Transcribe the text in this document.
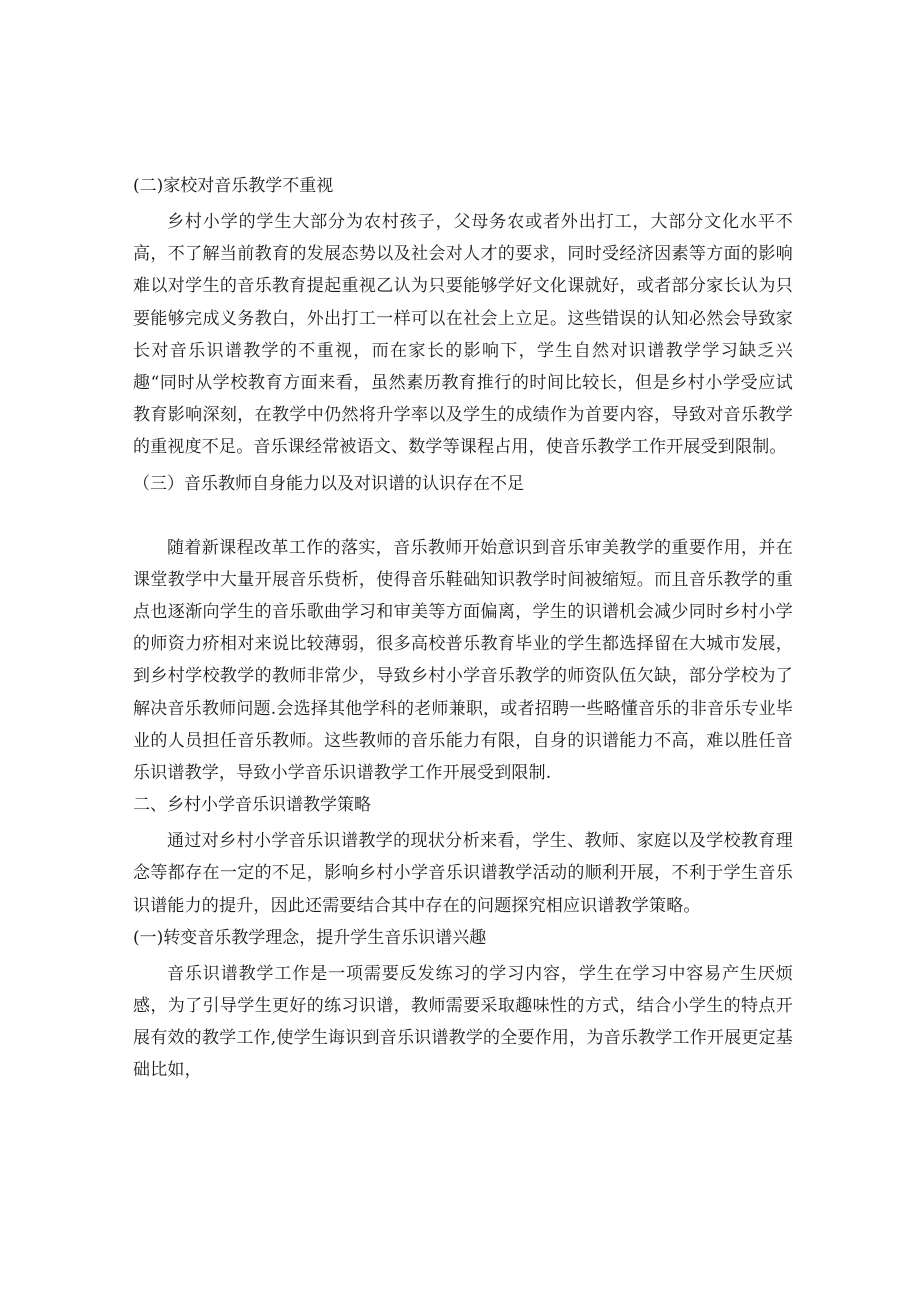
(二)家校对音乐教学不重视

乡村小学的学生大部分为农村孩子，父母务农或者外出打工，大部分文化水平不高，不了解当前教育的发展态势以及社会对人才的要求，同时受经济因素等方面的影响难以对学生的音乐教育提起重视乙认为只要能够学好文化课就好，或者部分家长认为只要能够完成义务教白，外出打工一样可以在社会上立足。这些错误的认知必然会导致家长对音乐识谱教学的不重视，而在家长的影响下，学生自然对识谱教学学习缺乏兴趣“同时从学校教育方面来看，虽然素历教育推行的时间比较长，但是乡村小学受应试教育影响深刻，在教学中仍然将升学率以及学生的成绩作为首要内容，导致对音乐教学的重视度不足。音乐课经常被语文、数学等课程占用，使音乐教学工作开展受到限制。

（三）音乐教师自身能力以及对识谱的认识存在不足

随着新课程改革工作的落实，音乐教师开始意识到音乐审美教学的重要作用，并在课堂教学中大量开展音乐赀析，使得音乐鞋础知识教学时间被缩短。而且音乐教学的重点也逐渐向学生的音乐歌曲学习和审美等方面偏离，学生的识谱机会减少同时乡村小学的师资力疥相对来说比较薄弱，很多高校普乐教育毕业的学生都选择留在大城市发展，到乡村学校教学的教师非常少，导致乡村小学音乐教学的师资队伍欠缺，部分学校为了解决音乐教师问题.会选择其他学科的老师兼职，或者招聘一些略懂音乐的非音乐专业毕业的人员担任音乐教师。这些教师的音乐能力有限，自身的识谱能力不高，难以胜任音乐识谱教学，导致小学音乐识谱教学工作开展受到限制.

二、乡村小学音乐识谱教学策略

通过对乡村小学音乐识谱教学的现状分析来看，学生、教师、家庭以及学校教育理念等都存在一定的不足，影响乡村小学音乐识谱教学活动的顺利开展，不利于学生音乐识谱能力的提升，因此还需要结合其中存在的问题探究相应识谱教学策略。

(一)转变音乐教学理念，提升学生音乐识谱兴趣

音乐识谱教学工作是一项需要反发练习的学习内容，学生在学习中容易产生厌烦感，为了引导学生更好的练习识谱，教师需要采取趣味性的方式，结合小学生的特点开展有效的教学工作,使学生诲识到音乐识谱教学的全要作用，为音乐教学工作开展更定基础比如，
